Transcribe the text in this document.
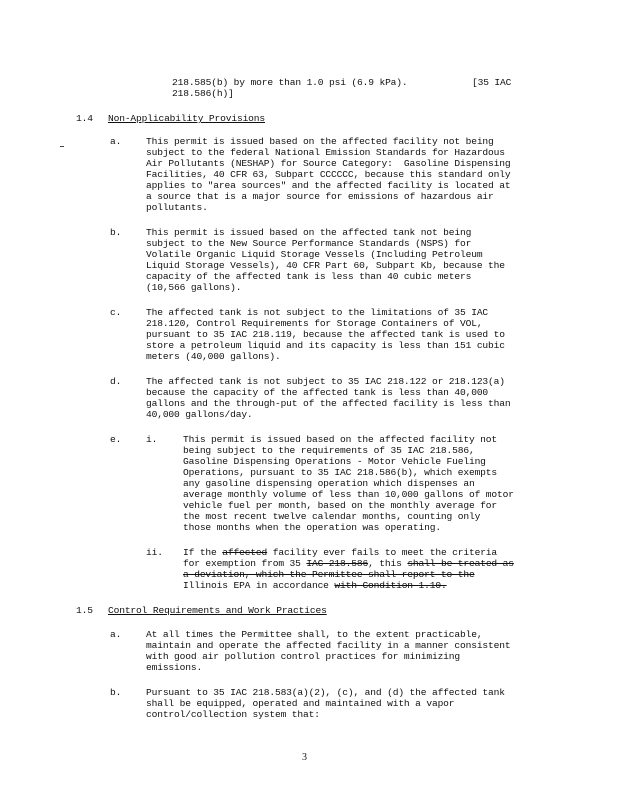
218.585(b) by more than 1.0 psi (6.9 kPa).	[35 IAC
218.586(h)]
1.4 Non-Applicability Provisions
a.	This permit is issued based on the affected facility not being
subject to the federal National Emission Standards for Hazardous
Air Pollutants (NESHAP) for Source Category:  Gasoline Dispensing
Facilities, 40 CFR 63, Subpart CCCCCC, because this standard only
applies to "area sources" and the affected facility is located at
a source that is a major source for emissions of hazardous air
pollutants.
b.	This permit is issued based on the affected tank not being
subject to the New Source Performance Standards (NSPS) for
Volatile Organic Liquid Storage Vessels (Including Petroleum
Liquid Storage Vessels), 40 CFR Part 60, Subpart Kb, because the
capacity of the affected tank is less than 40 cubic meters
(10,566 gallons).
c.	The affected tank is not subject to the limitations of 35 IAC
218.120, Control Requirements for Storage Containers of VOL,
pursuant to 35 IAC 218.119, because the affected tank is used to
store a petroleum liquid and its capacity is less than 151 cubic
meters (40,000 gallons).
d.	The affected tank is not subject to 35 IAC 218.122 or 218.123(a)
because the capacity of the affected tank is less than 40,000
gallons and the through-put of the affected facility is less than
40,000 gallons/day.
e.	i.	This permit is issued based on the affected facility not
being subject to the requirements of 35 IAC 218.586,
Gasoline Dispensing Operations - Motor Vehicle Fueling
Operations, pursuant to 35 IAC 218.586(b), which exempts
any gasoline dispensing operation which dispenses an
average monthly volume of less than 10,000 gallons of motor
vehicle fuel per month, based on the monthly average for
the most recent twelve calendar months, counting only
those months when the operation was operating.
ii. If the affected facility ever fails to meet the criteria
for exemption from 35 IAC 218.586, this shall be treated as
a deviation, which the Permittee shall report to the
Illinois EPA in accordance with Condition 1.10.
1.5 Control Requirements and Work Practices
a.	At all times the Permittee shall, to the extent practicable,
maintain and operate the affected facility in a manner consistent
with good air pollution control practices for minimizing
emissions.
b.	Pursuant to 35 IAC 218.583(a)(2), (c), and (d) the affected tank
shall be equipped, operated and maintained with a vapor
control/collection system that:
3
